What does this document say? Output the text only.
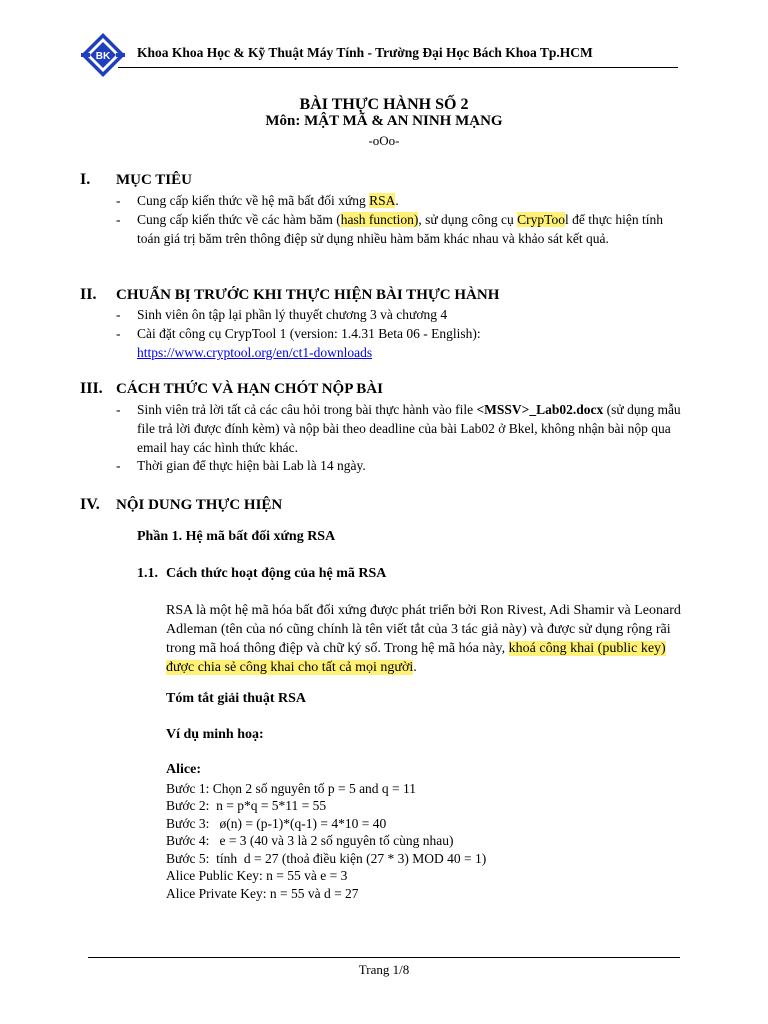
BK Khoa Khoa Học & Kỹ Thuật Máy Tính - Trường Đại Học Bách Khoa Tp.HCM
BÀI THỰC HÀNH SỐ 2
Môn: MẬT MÃ & AN NINH MẠNG
-oOo-
I. MỤC TIÊU
- Cung cấp kiến thức về hệ mã bất đối xứng RSA.
- Cung cấp kiến thức về các hàm băm (hash function), sử dụng công cụ CrypTool để thực hiện tính toán giá trị băm trên thông điệp sử dụng nhiều hàm băm khác nhau và khảo sát kết quả.
II. CHUẨN BỊ TRƯỚC KHI THỰC HIỆN BÀI THỰC HÀNH
- Sinh viên ôn tập lại phần lý thuyết chương 3 và chương 4
- Cài đặt công cụ CrypTool 1 (version: 1.4.31 Beta 06 - English):
https://www.cryptool.org/en/ct1-downloads
III. CÁCH THỨC VÀ HẠN CHÓT NỘP BÀI
- Sinh viên trả lời tất cả các câu hỏi trong bài thực hành vào file <MSSV>_Lab02.docx (sử dụng mẫu file trả lời được đính kèm) và nộp bài theo deadline của bài Lab02 ở Bkel, không nhận bài nộp qua email hay các hình thức khác.
- Thời gian để thực hiện bài Lab là 14 ngày.
IV. NỘI DUNG THỰC HIỆN
Phần 1. Hệ mã bất đối xứng RSA
1.1. Cách thức hoạt động của hệ mã RSA
RSA là một hệ mã hóa bất đối xứng được phát triển bởi Ron Rivest, Adi Shamir và Leonard Adleman (tên của nó cũng chính là tên viết tắt của 3 tác giả này) và được sử dụng rộng rãi trong mã hoá thông điệp và chữ ký số. Trong hệ mã hóa này, khoá công khai (public key) được chia sẻ công khai cho tất cả mọi người.
Tóm tắt giải thuật RSA
Ví dụ minh hoạ:
Alice:
Bước 1: Chọn 2 số nguyên tố p = 5 and q = 11
Bước 2:  n = p*q = 5*11 = 55
Bước 3:   ø(n) = (p-1)*(q-1) = 4*10 = 40
Bước 4:   e = 3 (40 và 3 là 2 số nguyên tố cùng nhau)
Bước 5:  tính  d = 27 (thoả điều kiện (27 * 3) MOD 40 = 1)
Alice Public Key: n = 55 và e = 3
Alice Private Key: n = 55 và d = 27
Trang 1/8
